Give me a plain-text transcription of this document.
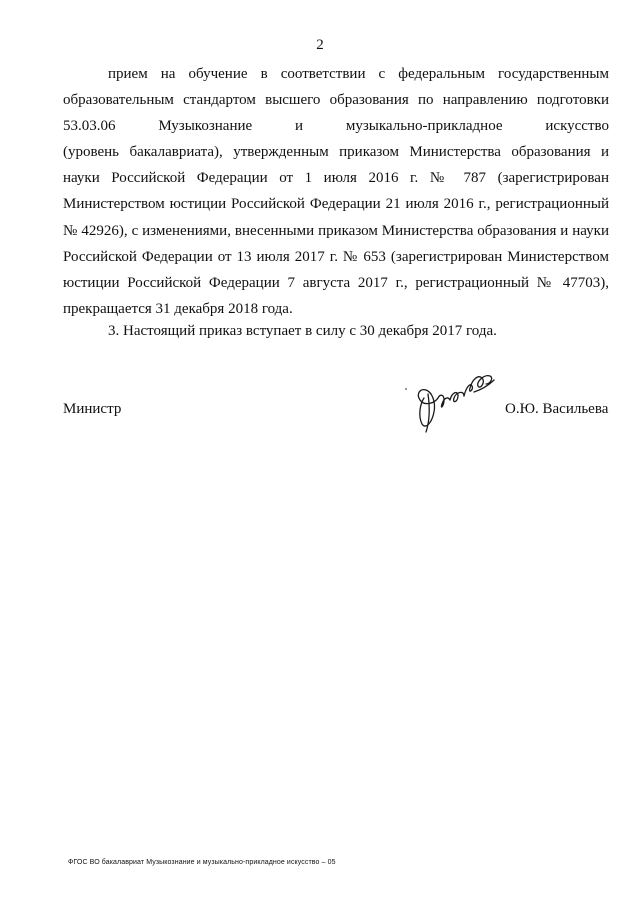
2
прием на обучение в соответствии с федеральным государственным
образовательным стандартом высшего образования по направлению подготовки
53.03.06 Музыкознание и музыкально-прикладное искусство
(уровень бакалавриата), утвержденным приказом Министерства образования и
науки Российской Федерации от 1 июля 2016 г. № 787 (зарегистрирован
Министерством юстиции Российской Федерации 21 июля 2016 г., регистрационный
№ 42926), с изменениями, внесенными приказом Министерства образования и науки
Российской Федерации от 13 июля 2017 г. № 653 (зарегистрирован Министерством
юстиции Российской Федерации 7 августа 2017 г., регистрационный № 47703),
прекращается 31 декабря 2018 года.
3. Настоящий приказ вступает в силу с 30 декабря 2017 года.
Министр	О.Ю. Васильева
ФГОС ВО бакалавриат Музыкознание и музыкально-прикладное искусство – 05
